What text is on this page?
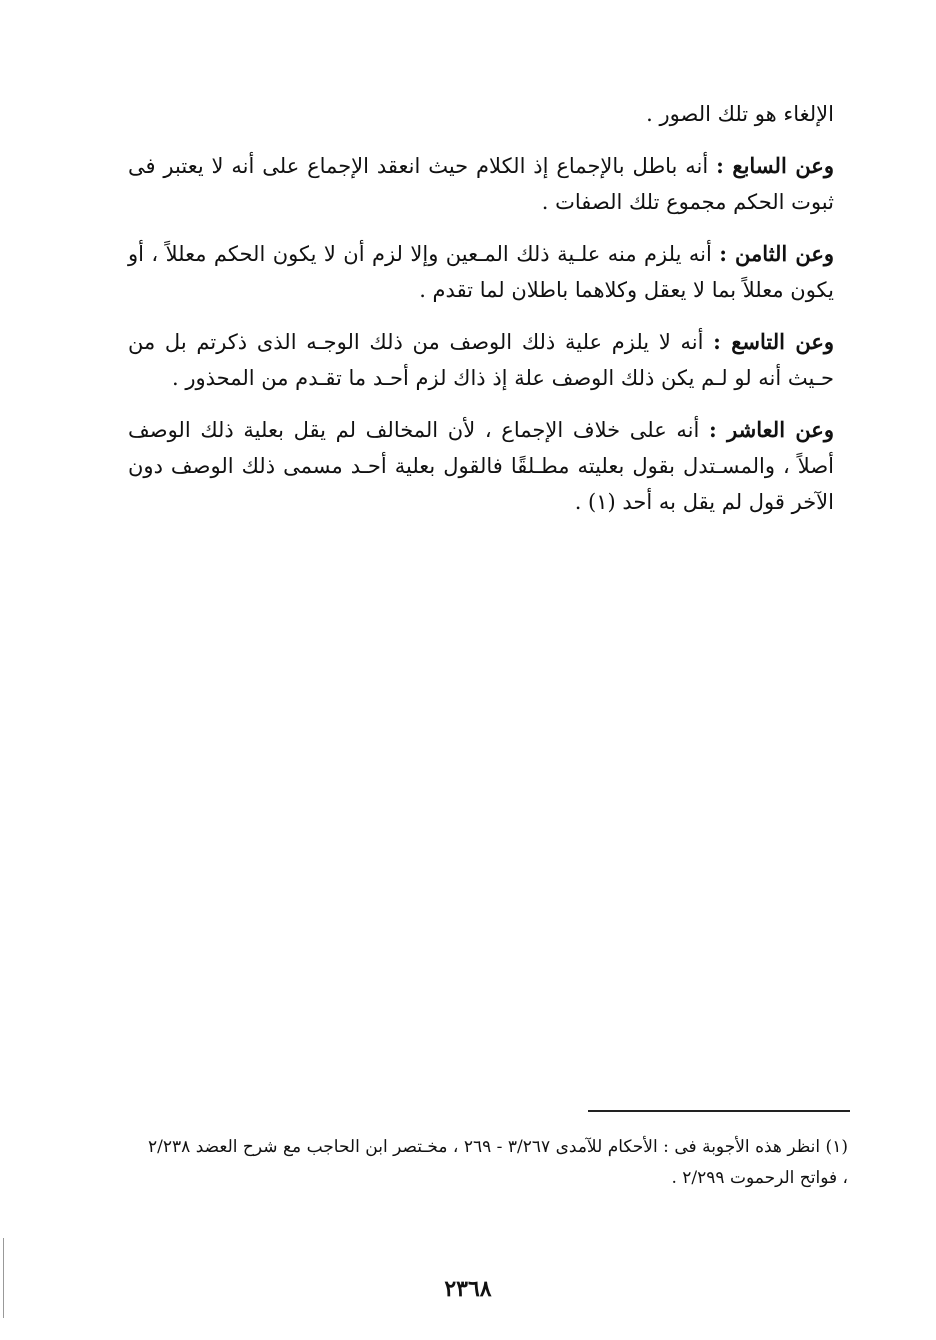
الإلغاء هو تلك الصور .

وعن السابع : أنه باطل بالإجماع إذ الكلام حيث انعقد الإجماع على أنه لا يعتبر فى ثبوت الحكم مجموع تلك الصفات .

وعن الثامن : أنه يلزم منه علـية ذلك المـعين وإلا لزم أن لا يكون الحكم معللاً ، أو يكون معللاً بما لا يعقل وكلاهما باطلان لما تقدم .

وعن التاسع : أنه لا يلزم علية ذلك الوصف من ذلك الوجـه الذى ذكرتم بل من حـيث أنه لو لـم يكن ذلك الوصف علة إذ ذاك لزم أحـد ما تقـدم من المحذور .

وعن العاشر : أنه على خلاف الإجماع ، لأن المخالف لم يقل بعلية ذلك الوصف أصلاً ، والمسـتدل بقول بعليته مطـلقًا فالقول بعلية أحـد مسمى ذلك الوصف دون الآخر قول لم يقل به أحد (١) .

(١) انظر هذه الأجوبة فى : الأحكام للآمدى ٣/٢٦٧ - ٢٦٩ ، مخـتصر ابن الحاجب مع شرح العضد ٢/٢٣٨ ، فواتح الرحموت ٢/٢٩٩ .

٢٣٦٨
